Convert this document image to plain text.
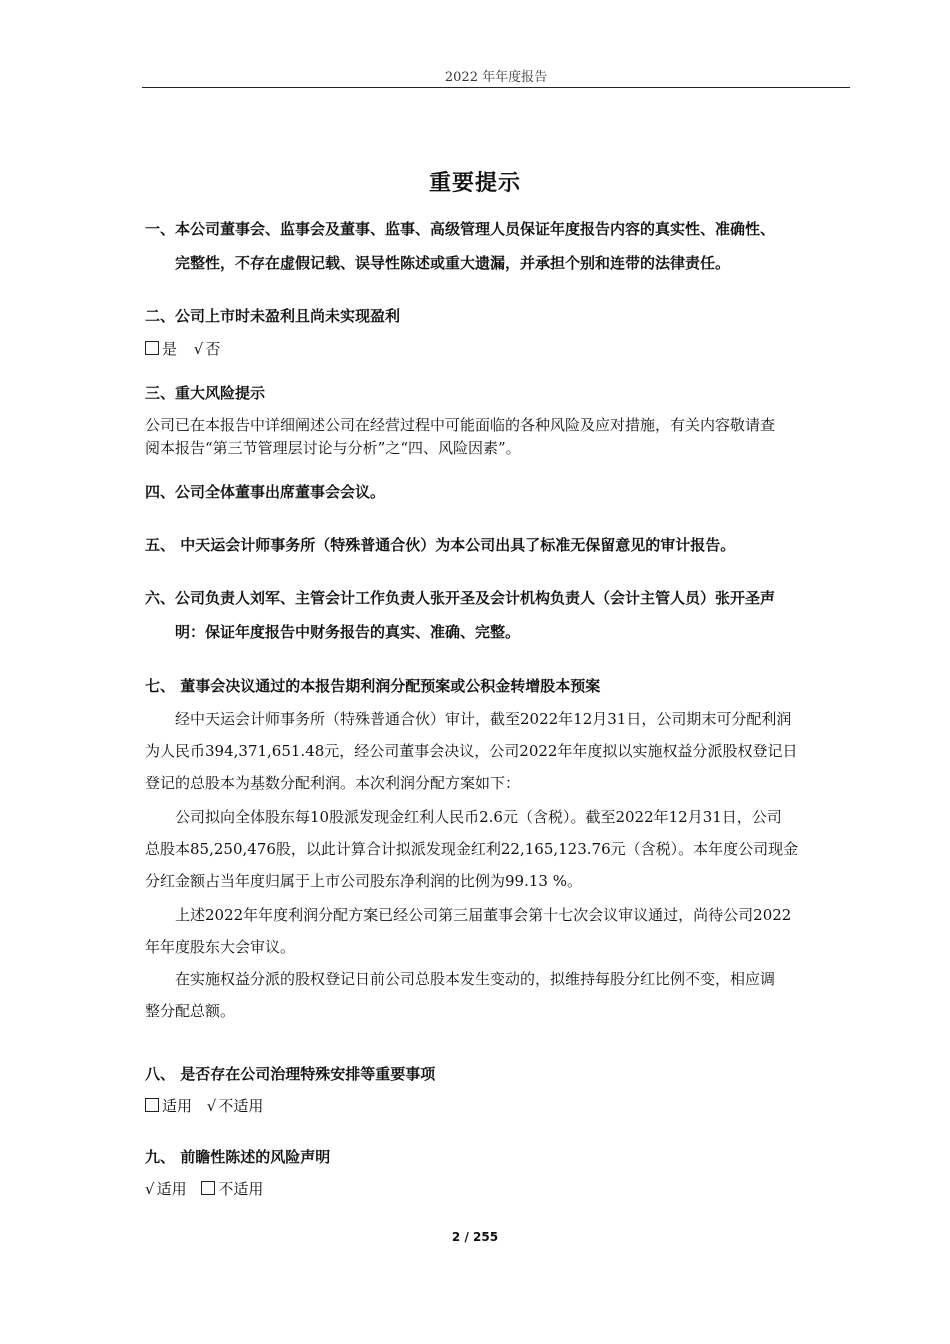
2022 年年度报告
重要提示
一、本公司董事会、监事会及董事、监事、高级管理人员保证年度报告内容的真实性、准确性、
完整性，不存在虚假记载、误导性陈述或重大遗漏，并承担个别和连带的法律责任。
二、公司上市时未盈利且尚未实现盈利
是 √ 否
三、重大风险提示
公司已在本报告中详细阐述公司在经营过程中可能面临的各种风险及应对措施，有关内容敬请查
阅本报告“第三节管理层讨论与分析”之“四、风险因素”。
四、公司全体董事出席董事会会议。
五、 中天运会计师事务所（特殊普通合伙）为本公司出具了标准无保留意见的审计报告。
六、公司负责人刘军、主管会计工作负责人张开圣及会计机构负责人（会计主管人员）张开圣声
明：保证年度报告中财务报告的真实、准确、完整。
七、 董事会决议通过的本报告期利润分配预案或公积金转增股本预案
经中天运会计师事务所（特殊普通合伙）审计，截至2022年12月31日，公司期末可分配利润
为人民币394,371,651.48元，经公司董事会决议，公司2022年年度拟以实施权益分派股权登记日
登记的总股本为基数分配利润。本次利润分配方案如下：
公司拟向全体股东每10股派发现金红利人民币2.6元（含税）。截至2022年12月31日，公司
总股本85,250,476股，以此计算合计拟派发现金红利22,165,123.76元（含税）。本年度公司现金
分红金额占当年度归属于上市公司股东净利润的比例为99.13 %。
上述2022年年度利润分配方案已经公司第三届董事会第十七次会议审议通过，尚待公司2022
年年度股东大会审议。
在实施权益分派的股权登记日前公司总股本发生变动的，拟维持每股分红比例不变，相应调
整分配总额。
八、 是否存在公司治理特殊安排等重要事项
适用 √ 不适用
九、 前瞻性陈述的风险声明
√ 适用 不适用
2 / 255
